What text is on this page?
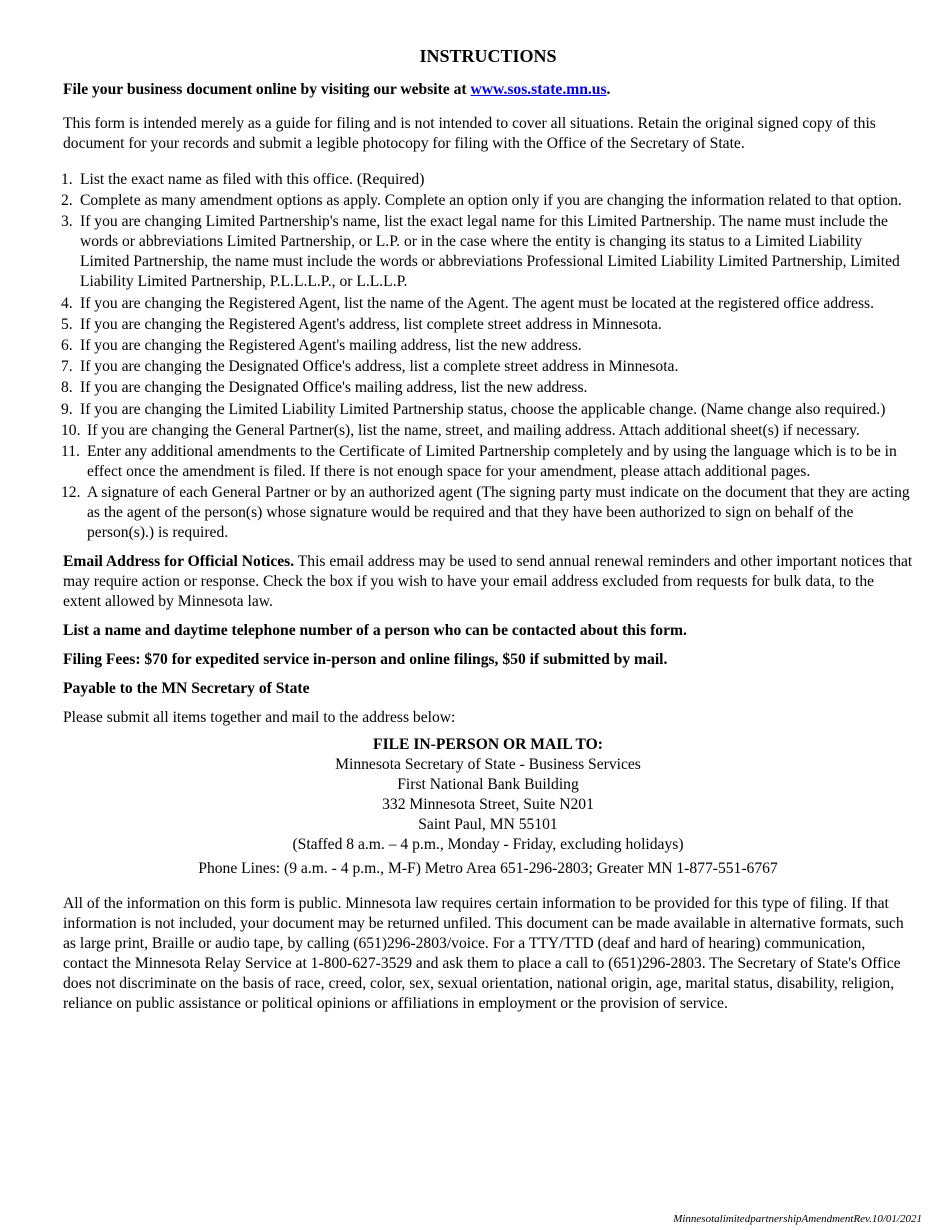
INSTRUCTIONS

File your business document online by visiting our website at www.sos.state.mn.us.

This form is intended merely as a guide for filing and is not intended to cover all situations. Retain the original signed copy of this document for your records and submit a legible photocopy for filing with the Office of the Secretary of State.

1. List the exact name as filed with this office. (Required)
2. Complete as many amendment options as apply. Complete an option only if you are changing the information related to that option.
3. If you are changing Limited Partnership's name, list the exact legal name for this Limited Partnership. The name must include the words or abbreviations Limited Partnership, or L.P. or in the case where the entity is changing its status to a Limited Liability Limited Partnership, the name must include the words or abbreviations Professional Limited Liability Limited Partnership, Limited Liability Limited Partnership, P.L.L.L.P., or L.L.L.P.
4. If you are changing the Registered Agent, list the name of the Agent. The agent must be located at the registered office address.
5. If you are changing the Registered Agent's address, list complete street address in Minnesota.
6. If you are changing the Registered Agent's mailing address, list the new address.
7. If you are changing the Designated Office's address, list a complete street address in Minnesota.
8. If you are changing the Designated Office's mailing address, list the new address.
9. If you are changing the Limited Liability Limited Partnership status, choose the applicable change. (Name change also required.)
10. If you are changing the General Partner(s), list the name, street, and mailing address. Attach additional sheet(s) if necessary.
11. Enter any additional amendments to the Certificate of Limited Partnership completely and by using the language which is to be in effect once the amendment is filed. If there is not enough space for your amendment, please attach additional pages.
12. A signature of each General Partner or by an authorized agent (The signing party must indicate on the document that they are acting as the agent of the person(s) whose signature would be required and that they have been authorized to sign on behalf of the person(s).) is required.

Email Address for Official Notices. This email address may be used to send annual renewal reminders and other important notices that may require action or response. Check the box if you wish to have your email address excluded from requests for bulk data, to the extent allowed by Minnesota law.

List a name and daytime telephone number of a person who can be contacted about this form.

Filing Fees: $70 for expedited service in-person and online filings, $50 if submitted by mail.

Payable to the MN Secretary of State

Please submit all items together and mail to the address below:

FILE IN-PERSON OR MAIL TO:
Minnesota Secretary of State - Business Services
First National Bank Building
332 Minnesota Street, Suite N201
Saint Paul, MN 55101
(Staffed 8 a.m. – 4 p.m., Monday - Friday, excluding holidays)

Phone Lines: (9 a.m. - 4 p.m., M-F) Metro Area 651-296-2803; Greater MN 1-877-551-6767

All of the information on this form is public. Minnesota law requires certain information to be provided for this type of filing. If that information is not included, your document may be returned unfiled. This document can be made available in alternative formats, such as large print, Braille or audio tape, by calling (651)296-2803/voice. For a TTY/TTD (deaf and hard of hearing) communication, contact the Minnesota Relay Service at 1-800-627-3529 and ask them to place a call to (651)296-2803. The Secretary of State's Office does not discriminate on the basis of race, creed, color, sex, sexual orientation, national origin, age, marital status, disability, religion, reliance on public assistance or political opinions or affiliations in employment or the provision of service.

MinnesotalimitedpartnershipAmendmentRev.10/01/2021
